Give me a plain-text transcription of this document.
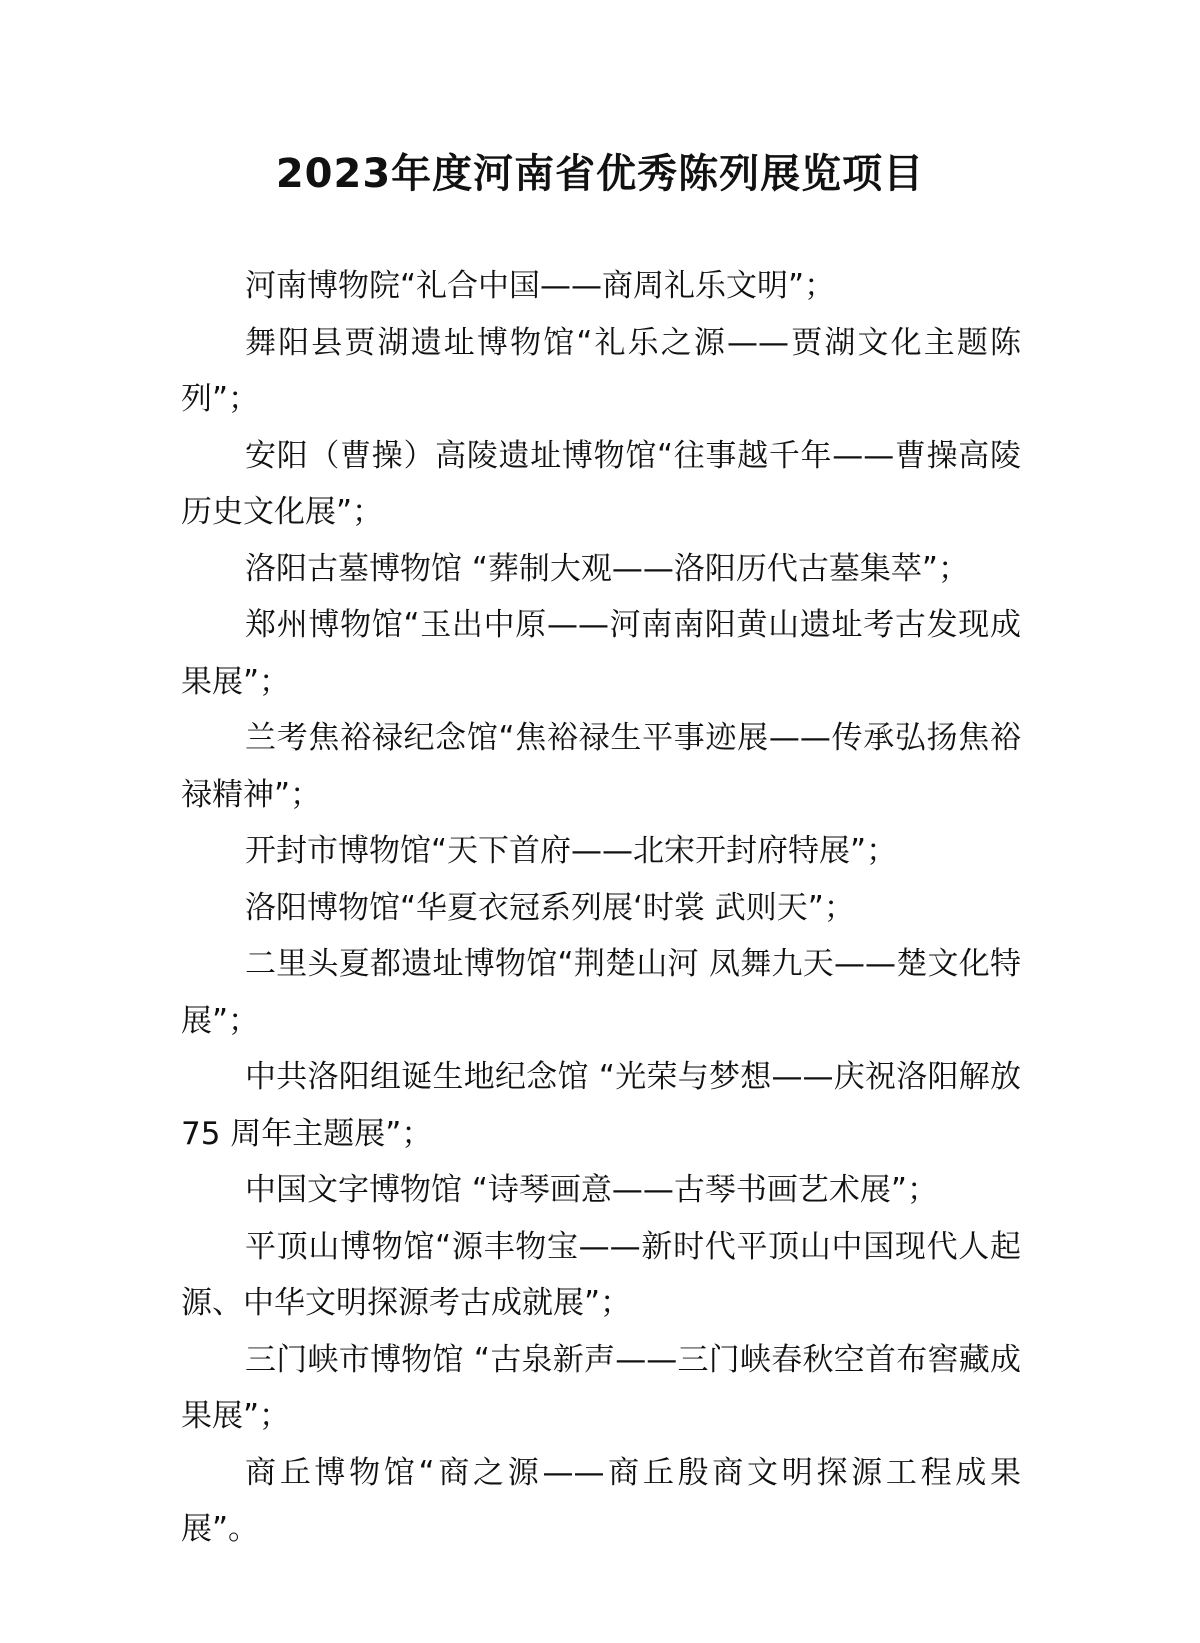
2023年度河南省优秀陈列展览项目
河南博物院“礼合中国——商周礼乐文明”；
舞阳县贾湖遗址博物馆“礼乐之源——贾湖文化主题陈列”；
安阳（曹操）高陵遗址博物馆“往事越千年——曹操高陵历史文化展”；
洛阳古墓博物馆 “葬制大观——洛阳历代古墓集萃”；
郑州博物馆“玉出中原——河南南阳黄山遗址考古发现成果展”；
兰考焦裕禄纪念馆“焦裕禄生平事迹展——传承弘扬焦裕禄精神”；
开封市博物馆“天下首府——北宋开封府特展”；
洛阳博物馆“华夏衣冠系列展‘时裳 武则天”；
二里头夏都遗址博物馆“荆楚山河 凤舞九天——楚文化特展”；
中共洛阳组诞生地纪念馆 “光荣与梦想——庆祝洛阳解放 75 周年主题展”；
中国文字博物馆 “诗琴画意——古琴书画艺术展”；
平顶山博物馆“源丰物宝——新时代平顶山中国现代人起源、中华文明探源考古成就展”；
三门峡市博物馆 “古泉新声——三门峡春秋空首布窖藏成果展”；
商丘博物馆“商之源——商丘殷商文明探源工程成果展”。
